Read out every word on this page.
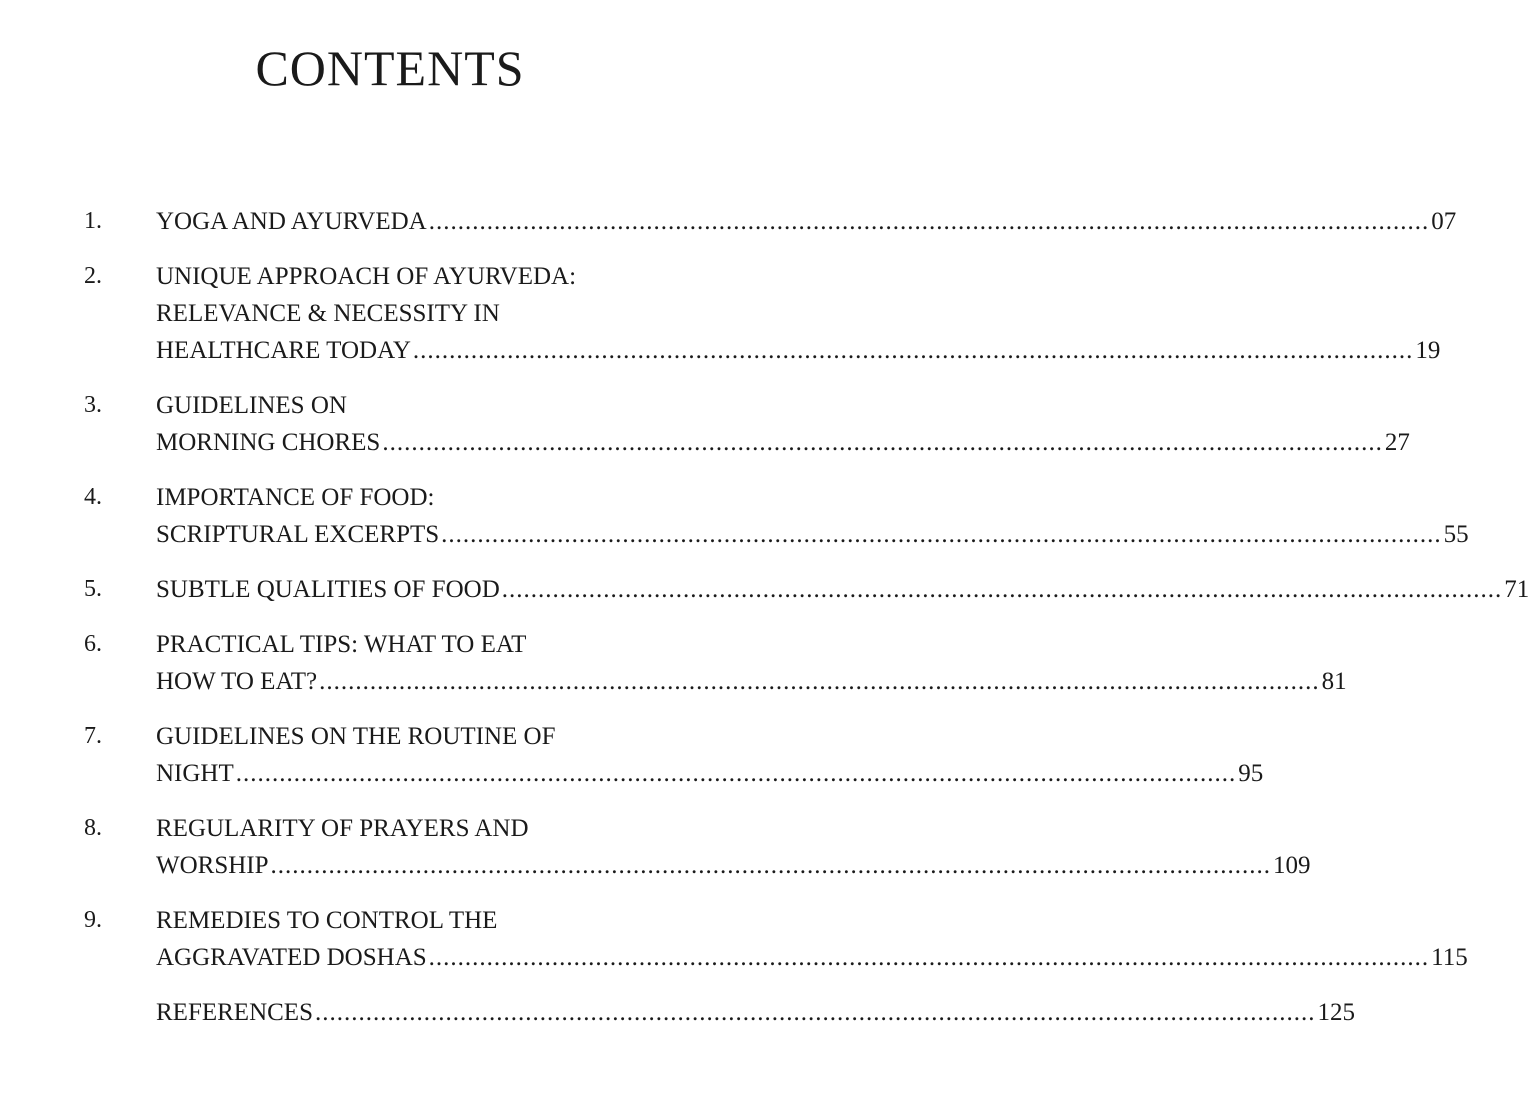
CONTENTS
1.	YOGA AND AYURVEDA .....	07
2.	UNIQUE APPROACH OF AYURVEDA:
RELEVANCE & NECESSITY IN
HEALTHCARE TODAY .....	19
3.	GUIDELINES ON
MORNING CHORES .....	27
4.	IMPORTANCE OF FOOD:
SCRIPTURAL EXCERPTS .....	55
5.	SUBTLE QUALITIES OF FOOD .....	71
6.	PRACTICAL TIPS: WHAT TO EAT
HOW TO EAT? .....	81
7.	GUIDELINES ON THE ROUTINE OF
NIGHT .....	95
8.	REGULARITY OF PRAYERS AND
WORSHIP .....	109
9.	REMEDIES TO CONTROL THE
AGGRAVATED DOSHAS .....	115
REFERENCES .....	125
